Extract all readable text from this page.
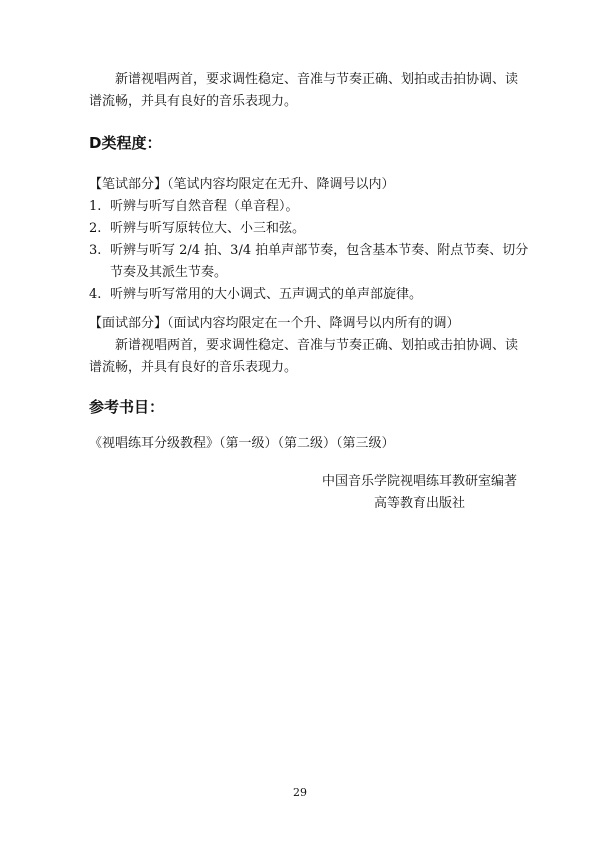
新谱视唱两首，要求调性稳定、音准与节奏正确、划拍或击拍协调、读谱流畅，并具有良好的音乐表现力。

D类程度：

【笔试部分】（笔试内容均限定在无升、降调号以内）

1. 听辨与听写自然音程（单音程）。
2. 听辨与听写原转位大、小三和弦。
3. 听辨与听写 2/4 拍、3/4 拍单声部节奏，包含基本节奏、附点节奏、切分节奏及其派生节奏。
4. 听辨与听写常用的大小调式、五声调式的单声部旋律。

【面试部分】（面试内容均限定在一个升、降调号以内所有的调）

新谱视唱两首，要求调性稳定、音准与节奏正确、划拍或击拍协调、读谱流畅，并具有良好的音乐表现力。

参考书目：

《视唱练耳分级教程》（第一级）（第二级）（第三级）

中国音乐学院视唱练耳教研室编著

高等教育出版社

29
